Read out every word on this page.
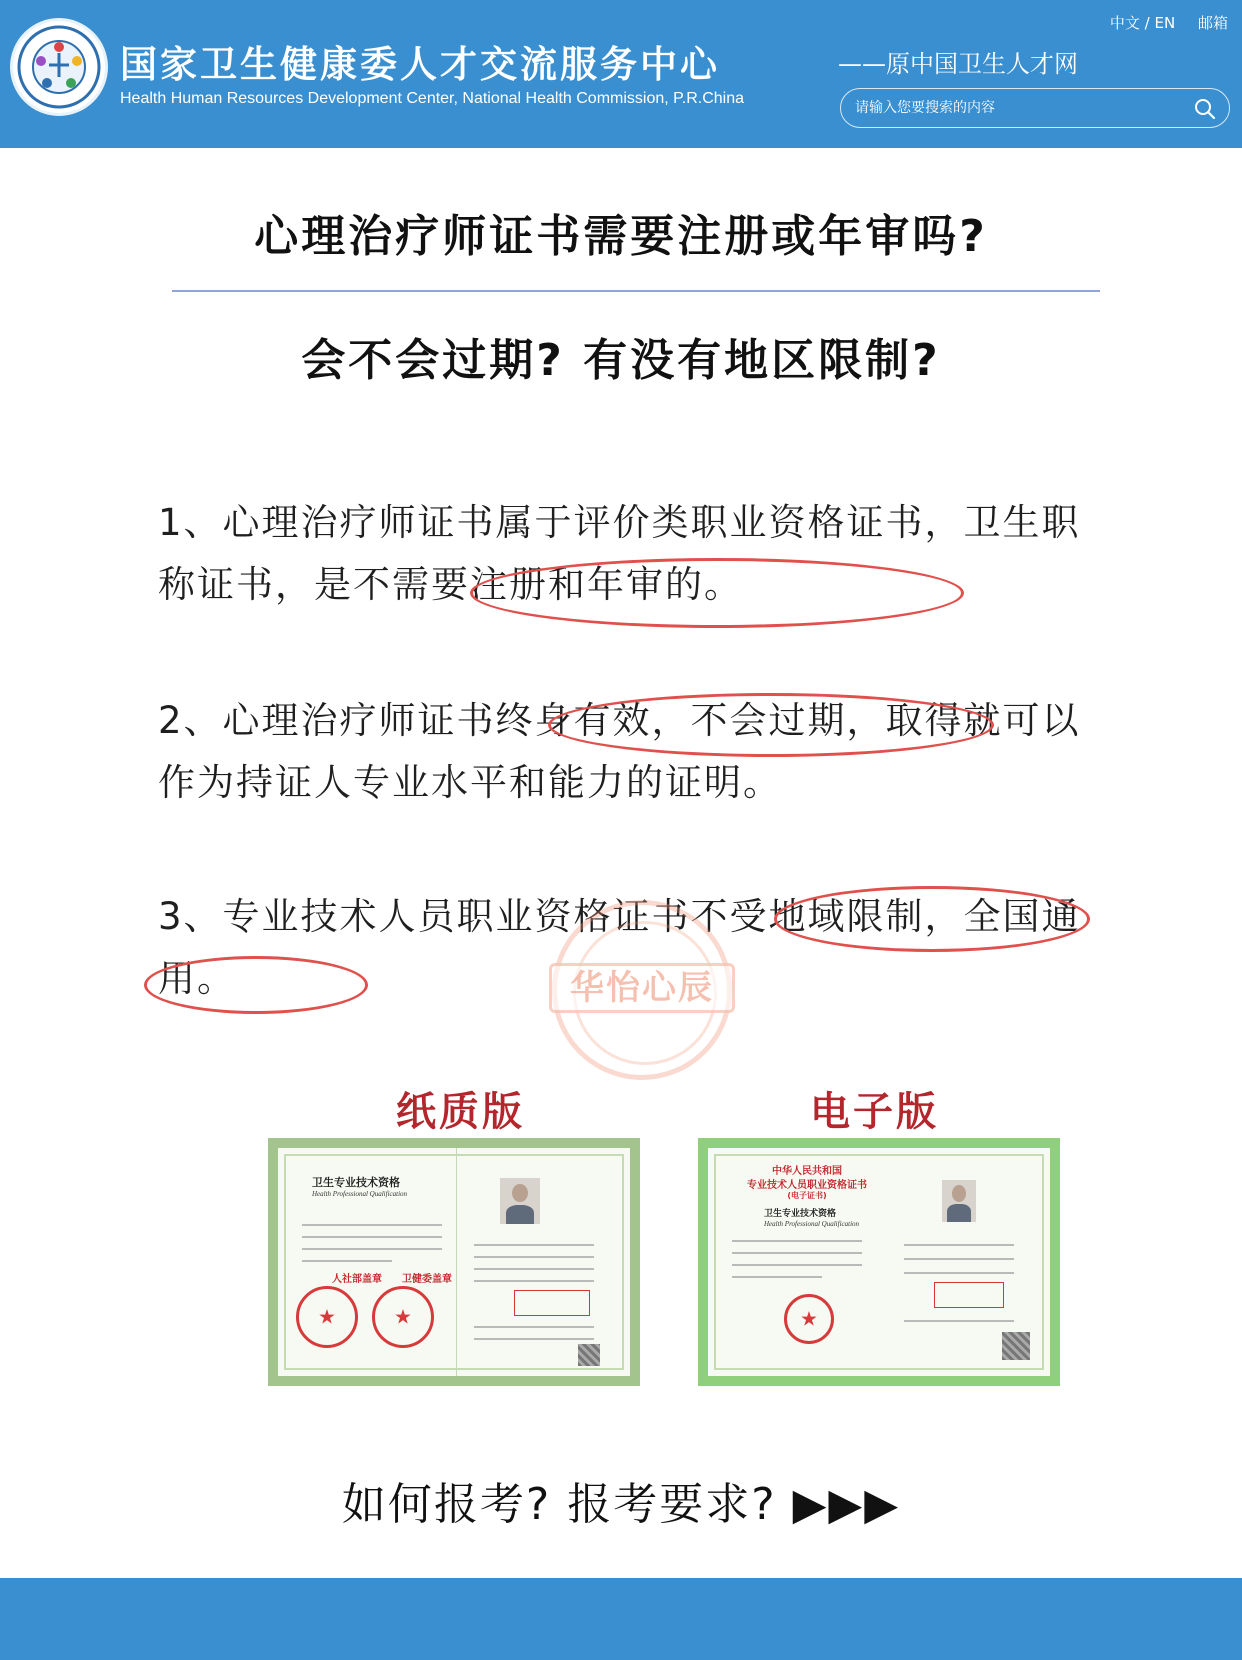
国家卫生健康委人才交流服务中心
Health Human Resources Development Center, National Health Commission, P.R.China
中文 / EN 邮箱
——原中国卫生人才网
请输入您要搜索的内容
心理治疗师证书需要注册或年审吗?
会不会过期? 有没有地区限制?
1、心理治疗师证书属于评价类职业资格证书，卫生职称证书，是不需要注册和年审的。
2、心理治疗师证书终身有效，不会过期，取得就可以作为持证人专业水平和能力的证明。
3、专业技术人员职业资格证书不受地域限制，全国通用。	华怡心辰
纸质版	电子版
卫生专业技术资格
Health Professional Qualification
人社部盖章 卫健委盖章
★
★
中华人民共和国
专业技术人员职业资格证书
(电子证书)
卫生专业技术资格
Health Professional Qualification
★
如何报考? 报考要求? ▶▶▶
